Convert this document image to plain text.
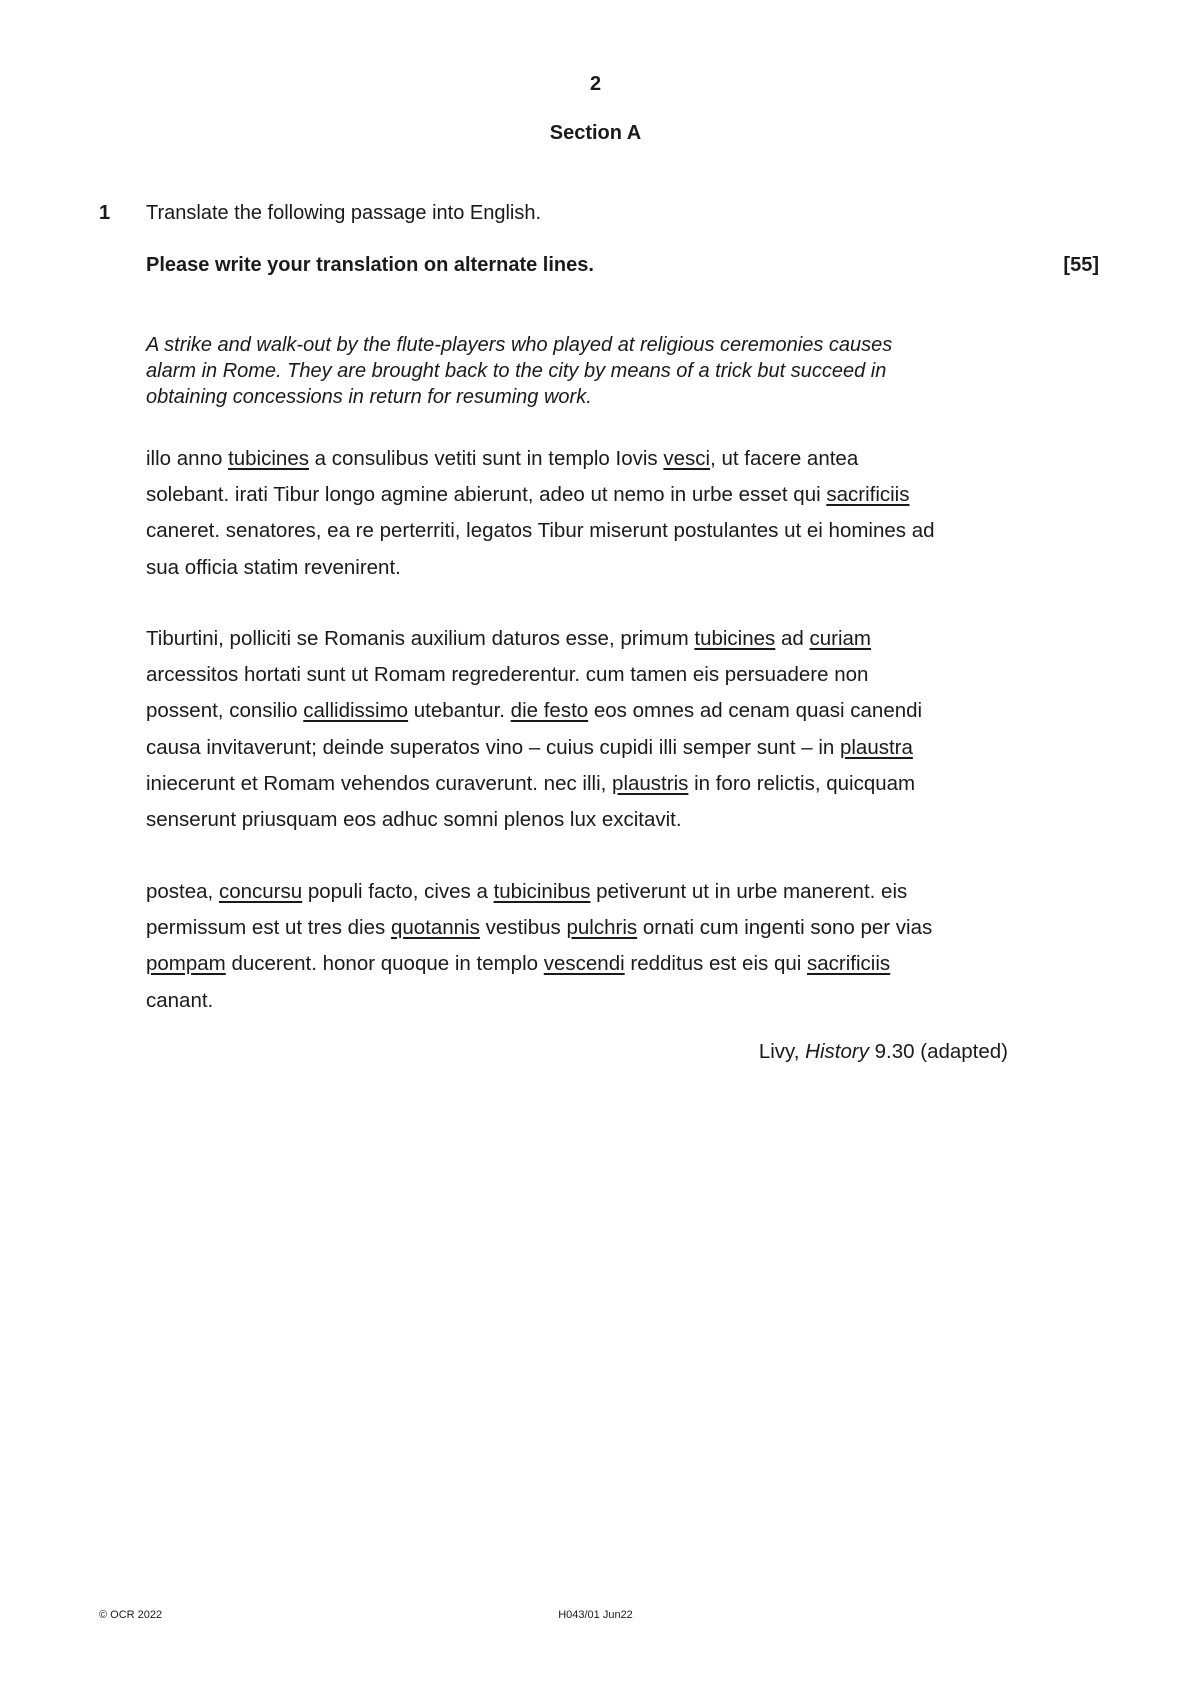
2
Section A
1 Translate the following passage into English.
Please write your translation on alternate lines.	[55]
A strike and walk-out by the flute-players who played at religious ceremonies causes
alarm in Rome. They are brought back to the city by means of a trick but succeed in
obtaining concessions in return for resuming work.
illo anno tubicines a consulibus vetiti sunt in templo Iovis vesci, ut facere antea
solebant. irati Tibur longo agmine abierunt, adeo ut nemo in urbe esset qui sacrificiis
caneret. senatores, ea re perterriti, legatos Tibur miserunt postulantes ut ei homines ad
sua officia statim revenirent.
Tiburtini, polliciti se Romanis auxilium daturos esse, primum tubicines ad curiam
arcessitos hortati sunt ut Romam regrederentur. cum tamen eis persuadere non
possent, consilio callidissimo utebantur. die festo eos omnes ad cenam quasi canendi
causa invitaverunt; deinde superatos vino – cuius cupidi illi semper sunt – in plaustra
iniecerunt et Romam vehendos curaverunt. nec illi, plaustris in foro relictis, quicquam
senserunt priusquam eos adhuc somni plenos lux excitavit.
postea, concursu populi facto, cives a tubicinibus petiverunt ut in urbe manerent. eis
permissum est ut tres dies quotannis vestibus pulchris ornati cum ingenti sono per vias
pompam ducerent. honor quoque in templo vescendi redditus est eis qui sacrificiis
canant.
Livy, History 9.30 (adapted)
© OCR 2022	H043/01 Jun22
